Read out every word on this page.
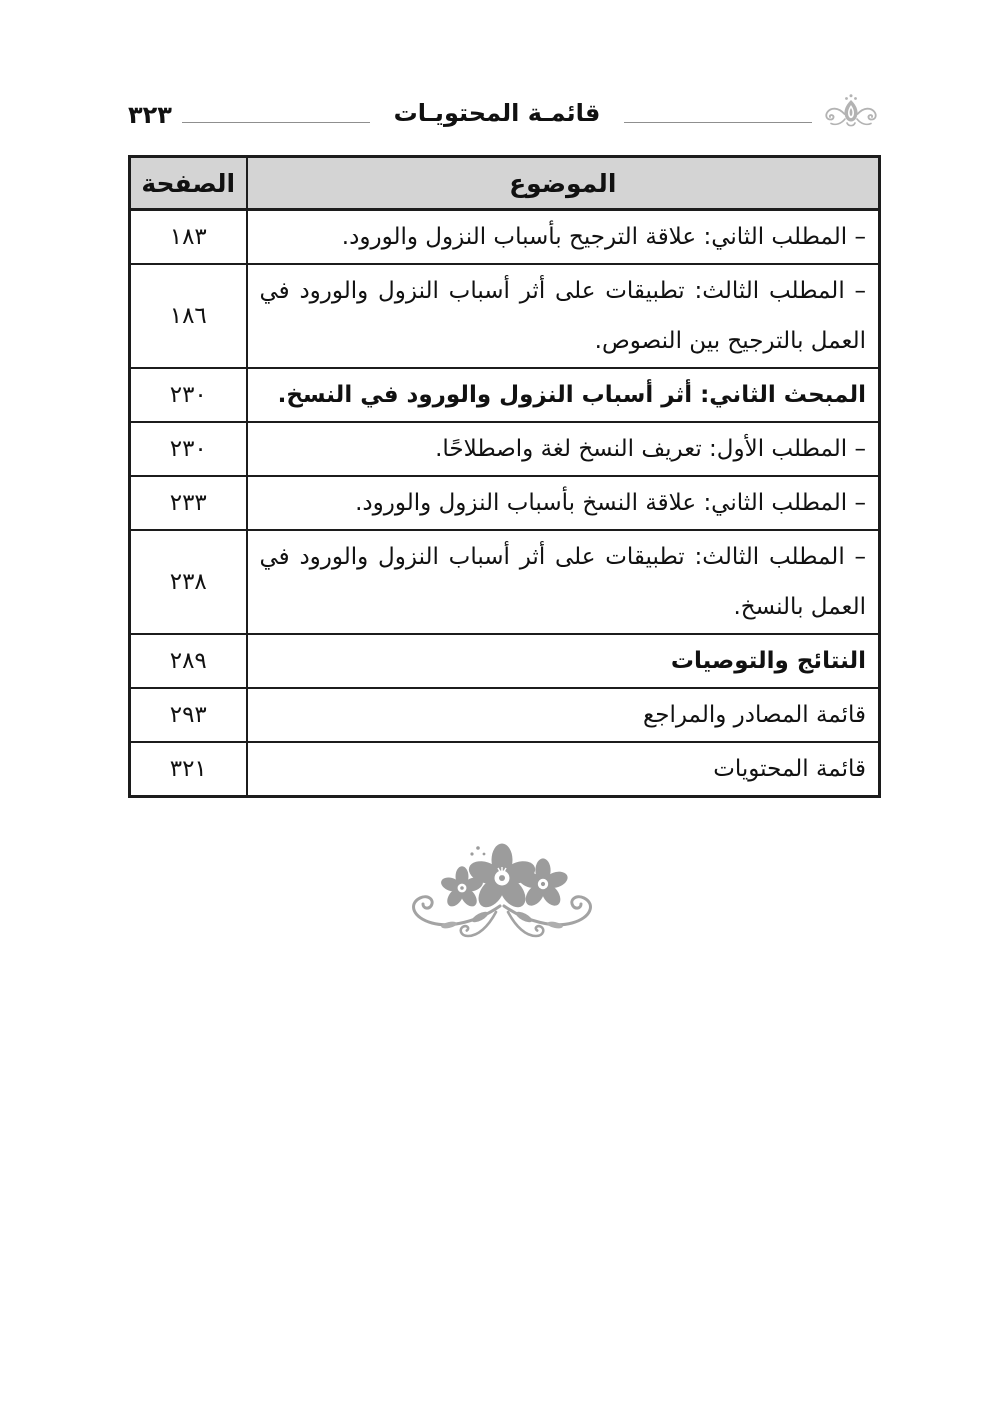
٣٢٣	قائمـة المحتويـات
الموضوع	الصفحة
– المطلب الثاني: علاقة الترجيح بأسباب النزول والورود.	١٨٣
– المطلب الثالث: تطبيقات على أثر أسباب النزول والورود في العمل بالترجيح بين النصوص.	١٨٦
المبحث الثاني: أثر أسباب النزول والورود في النسخ.	٢٣٠
– المطلب الأول: تعريف النسخ لغة واصطلاحًا.	٢٣٠
– المطلب الثاني: علاقة النسخ بأسباب النزول والورود.	٢٣٣
– المطلب الثالث: تطبيقات على أثر أسباب النزول والورود في العمل بالنسخ.	٢٣٨
النتائج والتوصيات	٢٨٩
قائمة المصادر والمراجع	٢٩٣
قائمة المحتويات	٣٢١
